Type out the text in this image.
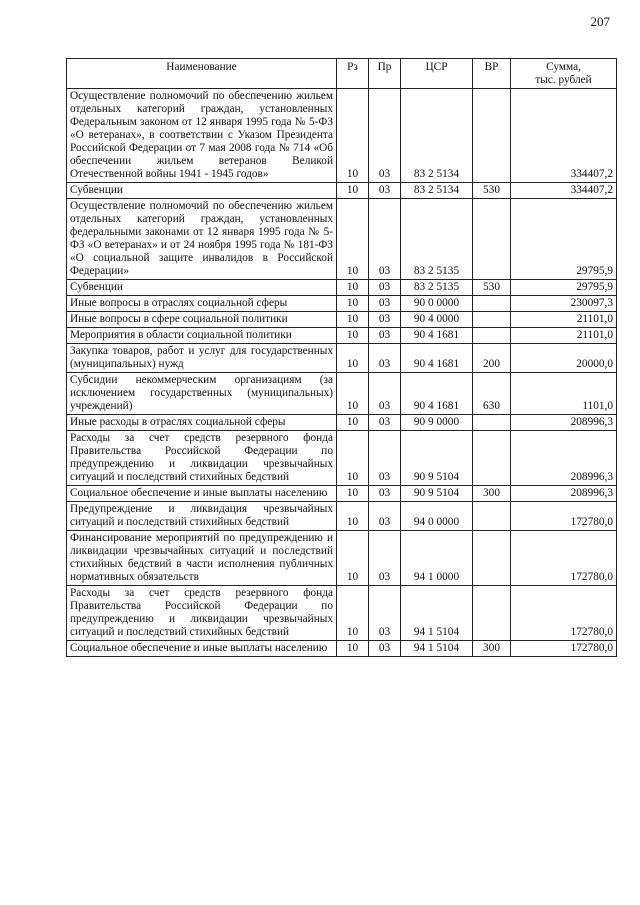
207
Наименование	Рз	Пр	ЦСР	ВР	Сумма,
тыс. рублей
Осуществление полномочий по обеспечению жильем отдельных категорий граждан, установленных Федеральным законом от 12 января 1995 года № 5-ФЗ «О ветеранах», в соответствии с Указом Президента Российской Федерации от 7 мая 2008 года № 714 «Об обеспечении жильем ветеранов Великой Отечественной войны 1941 - 1945 годов»	10	03	83 2 5134		334407,2
Субвенции	10	03	83 2 5134	530	334407,2
Осуществление полномочий по обеспечению жильем отдельных категорий граждан, установленных федеральными законами от 12 января 1995 года № 5-ФЗ «О ветеранах» и от 24 ноября 1995 года № 181-ФЗ «О социальной защите инвалидов в Российской Федерации»	10	03	83 2 5135		29795,9
Субвенции	10	03	83 2 5135	530	29795,9
Иные вопросы в отраслях социальной сферы	10	03	90 0 0000		230097,3
Иные вопросы в сфере социальной политики	10	03	90 4 0000		21101,0
Мероприятия в области социальной политики	10	03	90 4 1681		21101,0
Закупка товаров, работ и услуг для государственных (муниципальных) нужд	10	03	90 4 1681	200	20000,0
Субсидии некоммерческим организациям (за исключением государственных (муниципальных) учреждений)	10	03	90 4 1681	630	1101,0
Иные расходы в отраслях социальной сферы	10	03	90 9 0000		208996,3
Расходы за счет средств резервного фонда Правительства Российской Федерации по предупреждению и ликвидации чрезвычайных ситуаций и последствий стихийных бедствий	10	03	90 9 5104		208996,3
Социальное обеспечение и иные выплаты населению	10	03	90 9 5104	300	208996,3
Предупреждение и ликвидация чрезвычайных ситуаций и последствий стихийных бедствий	10	03	94 0 0000		172780,0
Финансирование мероприятий по предупреждению и ликвидации чрезвычайных ситуаций и последствий стихийных бедствий в части исполнения публичных нормативных обязательств	10	03	94 1 0000		172780,0
Расходы за счет средств резервного фонда Правительства Российской Федерации по предупреждению и ликвидации чрезвычайных ситуаций и последствий стихийных бедствий	10	03	94 1 5104		172780,0
Социальное обеспечение и иные выплаты населению	10	03	94 1 5104	300	172780,0
